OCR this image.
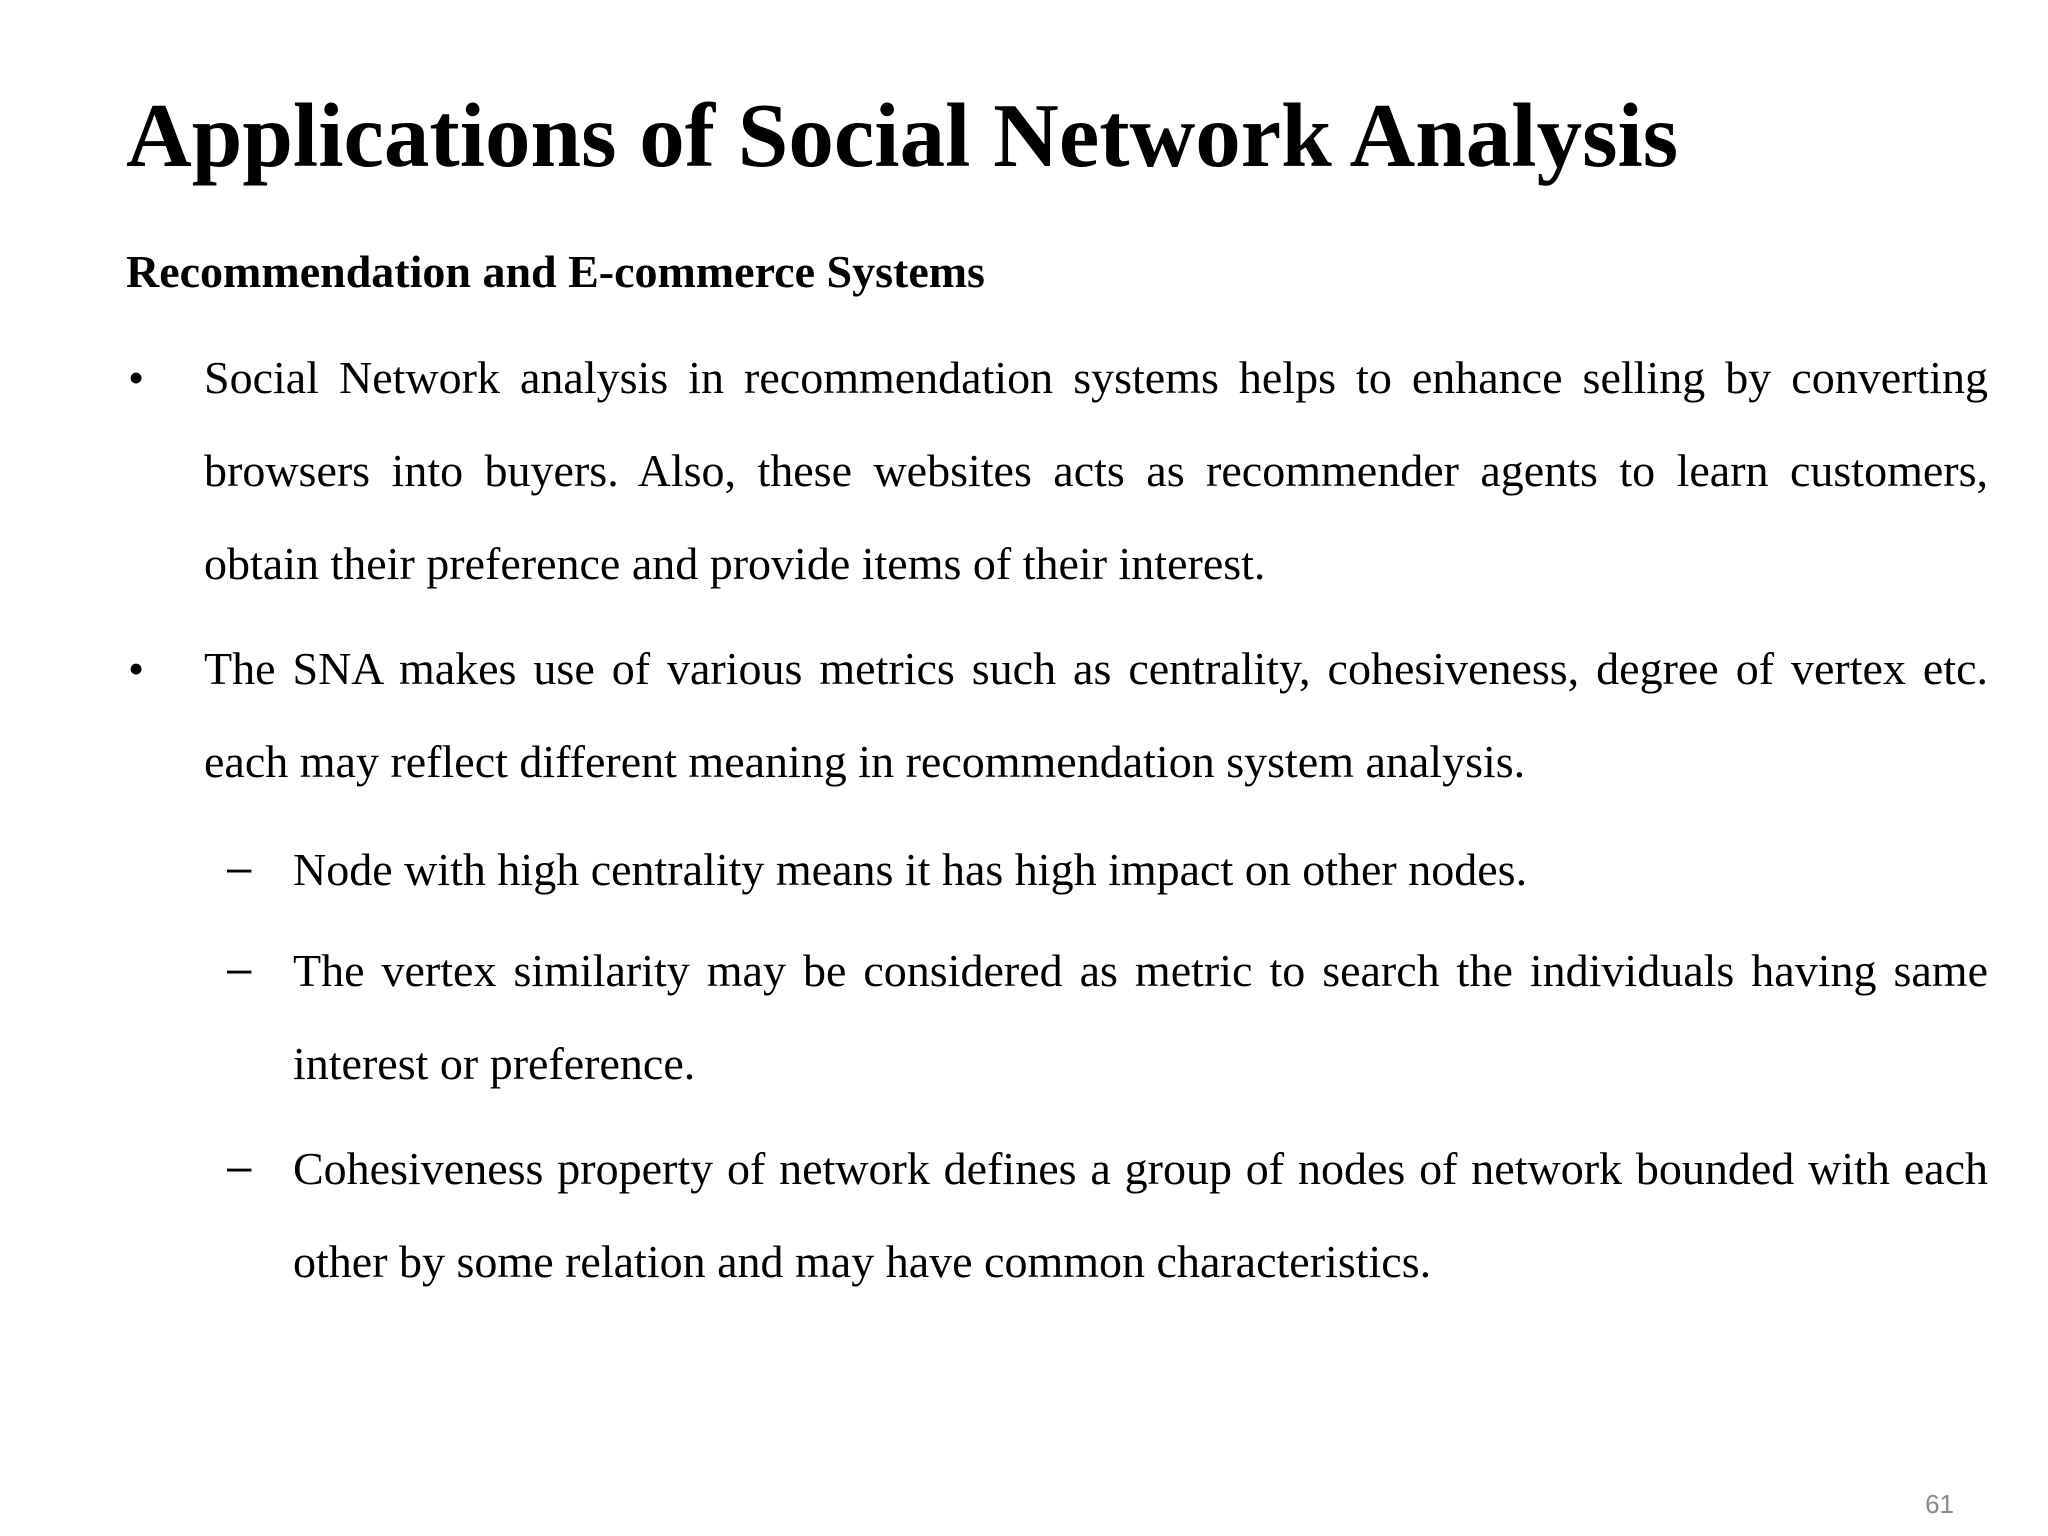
Applications of Social Network Analysis
Recommendation and E-commerce Systems
• Social Network analysis in recommendation systems helps to enhance selling by converting browsers into buyers. Also, these websites acts as recommender agents to learn customers, obtain their preference and provide items of their interest.
• The SNA makes use of various metrics such as centrality, cohesiveness, degree of vertex etc. each may reflect different meaning in recommendation system analysis.
– Node with high centrality means it has high impact on other nodes.
– The vertex similarity may be considered as metric to search the individuals having same interest or preference.
– Cohesiveness property of network defines a group of nodes of network bounded with each other by some relation and may have common characteristics.
61
